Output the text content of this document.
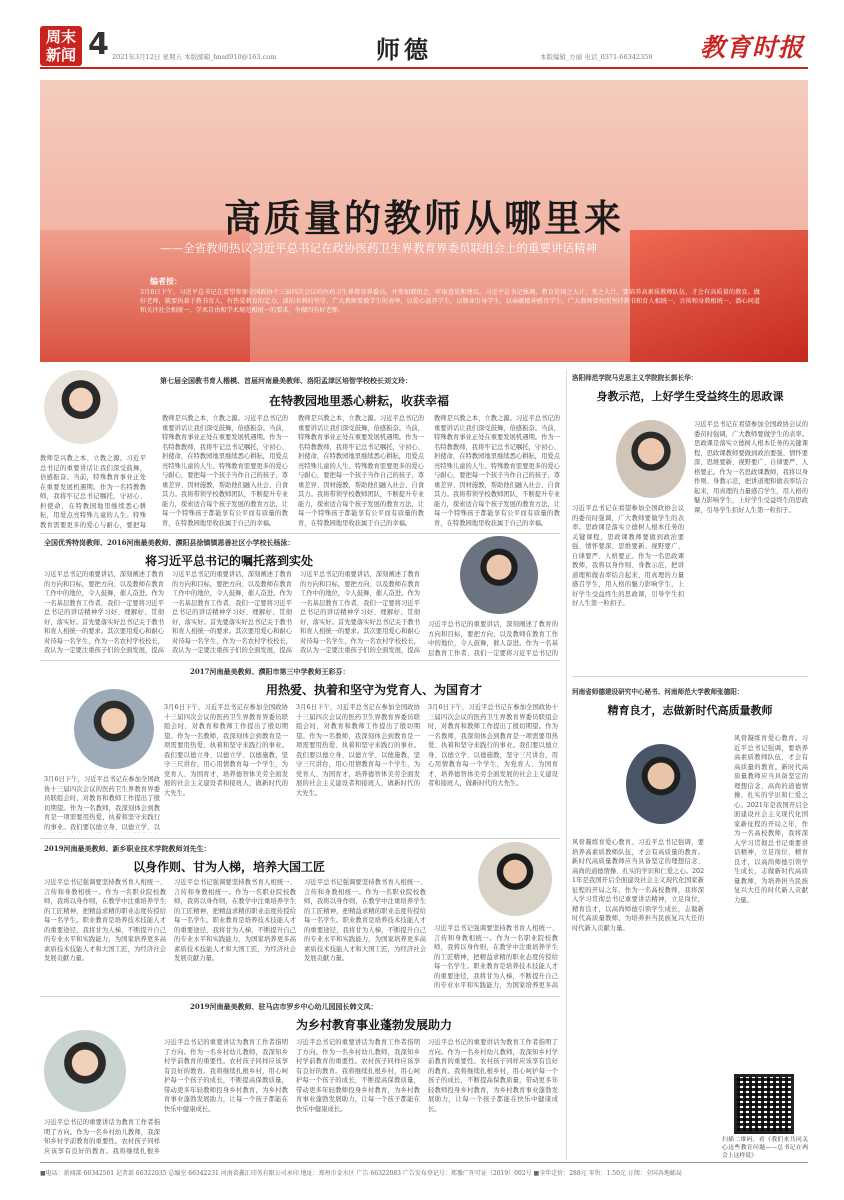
周末新闻 4 2021年3月12日 星期五 本版邮箱_hnsd910@163.com	师德	本版编辑_方丽 电话_0371-66342359 教育时报
高质量的教师从哪里来
——全省教师热议习近平总书记在政协医药卫生界教育界委员联组会上的重要讲话精神
编者按：
3月6日下午，习近平总书记在看望参加全国政协十三届四次会议的医药卫生界教育界委员，并参加联组会，听取意见和建议。习近平总书记强调，教育是国之大计、党之大计。要培养高素质教师队伍，才会有高质量的教育。做好老师，就要执着于教书育人，有热爱教育的定力、淡泊名利的坚守。广大教师要做学生的表率，以爱心滋养学生，以敬业引导学生，以奉献精神感召学生。广大教师要按照坚持教书和育人相统一、言传和身教相统一、潜心问道和关注社会相统一、学术自由和学术规范相统一的要求，争做四有好老师。
第七届全国教书育人楷模、首届河南最美教师、洛阳孟津区培智学校校长刘文玲：
在特教园地里悉心耕耘，收获幸福
教师是兴教之本、立教之源。习近平总书记的重要讲话让我们深受鼓舞，倍感振奋。当前，特殊教育事业正处在重要发展机遇期。作为一名特教教师，我将牢记总书记嘱托，守初心、担使命，在特教园地里继续悉心耕耘，用爱点亮特殊儿童的人生。特殊教育需要更多的爱心与耐心，要把每
教师是兴教之本、立教之源。习近平总书记的重要讲话让我们深受鼓舞，倍感振奋。当前，特殊教育事业正处在重要发展机遇期。作为一名特教教师，我将牢记总书记嘱托，守初心、担使命，在特教园地里继续悉心耕耘，用爱点亮特殊儿童的人生。特殊教育需要更多的爱心与耐心，要把每一个孩子当作自己的孩子，尊重差异、因材施教，帮助他们融入社会、自食其力。我将带领学校教师团队，不断提升专业能力，探索适合每个孩子发展的教育方法，让每一个特殊孩子都能享有公平而有质量的教育，在特教园地里收获属于自己的幸福。
教师是兴教之本、立教之源。习近平总书记的重要讲话让我们深受鼓舞，倍感振奋。当前，特殊教育事业正处在重要发展机遇期。作为一名特教教师，我将牢记总书记嘱托，守初心、担使命，在特教园地里继续悉心耕耘，用爱点亮特殊儿童的人生。特殊教育需要更多的爱心与耐心，要把每一个孩子当作自己的孩子，尊重差异、因材施教，帮助他们融入社会、自食其力。我将带领学校教师团队，不断提升专业能力，探索适合每个孩子发展的教育方法，让每一个特殊孩子都能享有公平而有质量的教育，在特教园地里收获属于自己的幸福。
教师是兴教之本、立教之源。习近平总书记的重要讲话让我们深受鼓舞，倍感振奋。当前，特殊教育事业正处在重要发展机遇期。作为一名特教教师，我将牢记总书记嘱托，守初心、担使命，在特教园地里继续悉心耕耘，用爱点亮特殊儿童的人生。特殊教育需要更多的爱心与耐心，要把每一个孩子当作自己的孩子，尊重差异、因材施教，帮助他们融入社会、自食其力。我将带领学校教师团队，不断提升专业能力，探索适合每个孩子发展的教育方法，让每一个特殊孩子都能享有公平而有质量的教育，在特教园地里收获属于自己的幸福。
全国优秀特岗教师、2016河南最美教师、濮阳县徐镇镇恩善社区小学校长杨泳：
将习近平总书记的嘱托落到实处
习近平总书记的重要讲话，深刻阐述了教育的方向和目标，要把方向、以及教师在教育工作中的地位，令人鼓舞，催人奋进。作为一名基层教育工作者，我们一定要将习近平总书记的讲话精神学习好、理解好、贯彻好，落实好。首先要落实好总书记关于教书和育人相统一的要求。其次要用爱心和耐心对待每一名学生，作为一名农村学校校长，我认为一定要注重孩子们的全面发展，提高
习近平总书记的重要讲话，深刻阐述了教育的方向和目标，要把方向、以及教师在教育工作中的地位，令人鼓舞，催人奋进。作为一名基层教育工作者，我们一定要将习近平总书记的讲话精神学习好、理解好、贯彻好，落实好。首先要落实好总书记关于教书和育人相统一的要求。其次要用爱心和耐心对待每一名学生，作为一名农村学校校长，我认为一定要注重孩子们的全面发展，提高
习近平总书记的重要讲话，深刻阐述了教育的方向和目标，要把方向、以及教师在教育工作中的地位，令人鼓舞，催人奋进。作为一名基层教育工作者，我们一定要将习近平总书记的讲话精神学习好、理解好、贯彻好，落实好。首先要落实好总书记关于教书和育人相统一的要求。其次要用爱心和耐心对待每一名学生，作为一名农村学校校长，我认为一定要注重孩子们的全面发展，提高
习近平总书记的重要讲话，深刻阐述了教育的方向和目标，要把方向、以及教师在教育工作中的地位，令人鼓舞，催人奋进。作为一名基层教育工作者，我们一定要将习近平总书记的
2017河南最美教师、濮阳市第三中学教师王彩芬：
用热爱、执着和坚守为党育人、为国育才
3月6日下午，习近平总书记在参加全国政协十三届四次会议的医药卫生界教育界委员联组会时，对教育和教师工作提出了殷切期望。作为一名教师，我深刻体会到教育是一项需要用热爱、执着和坚守来践行的事业。我们要以德立身、以德立学、以
3月6日下午，习近平总书记在参加全国政协十三届四次会议的医药卫生界教育界委员联组会时，对教育和教师工作提出了殷切期望。作为一名教师，我深刻体会到教育是一项需要用热爱、执着和坚守来践行的事业。我们要以德立身、以德立学、以德施教，坚守三尺讲台，用心用情教育每一个学生，为党育人、为国育才，培养德智体美劳全面发展的社会主义建设者和接班人，做新时代的大先生。
3月6日下午，习近平总书记在参加全国政协十三届四次会议的医药卫生界教育界委员联组会时，对教育和教师工作提出了殷切期望。作为一名教师，我深刻体会到教育是一项需要用热爱、执着和坚守来践行的事业。我们要以德立身、以德立学、以德施教，坚守三尺讲台，用心用情教育每一个学生，为党育人、为国育才，培养德智体美劳全面发展的社会主义建设者和接班人，做新时代的大先生。
3月6日下午，习近平总书记在参加全国政协十三届四次会议的医药卫生界教育界委员联组会时，对教育和教师工作提出了殷切期望。作为一名教师，我深刻体会到教育是一项需要用热爱、执着和坚守来践行的事业。我们要以德立身、以德立学、以德施教，坚守三尺讲台，用心用情教育每一个学生，为党育人、为国育才，培养德智体美劳全面发展的社会主义建设者和接班人，做新时代的大先生。
2019河南最美教师、新乡职业技术学院教师刘先生：
以身作则、甘为人梯，培养大国工匠
习近平总书记强调要坚持教书育人相统一、言传和身教相统一。作为一名职业院校教师，我将以身作则，在教学中注重培养学生的工匠精神，把精益求精的职业态度传授给每一名学生。职业教育是培养技术技能人才的重要途径，我将甘为人梯，不断提升自己的专业水平和实践能力，为国家培养更多高素质技术技能人才和大国工匠，为经济社会发展贡献力量。
习近平总书记强调要坚持教书育人相统一、言传和身教相统一。作为一名职业院校教师，我将以身作则，在教学中注重培养学生的工匠精神，把精益求精的职业态度传授给每一名学生。职业教育是培养技术技能人才的重要途径，我将甘为人梯，不断提升自己的专业水平和实践能力，为国家培养更多高素质技术技能人才和大国工匠，为经济社会发展贡献力量。
习近平总书记强调要坚持教书育人相统一、言传和身教相统一。作为一名职业院校教师，我将以身作则，在教学中注重培养学生的工匠精神，把精益求精的职业态度传授给每一名学生。职业教育是培养技术技能人才的重要途径，我将甘为人梯，不断提升自己的专业水平和实践能力，为国家培养更多高素质技术技能人才和大国工匠，为经济社会发展贡献力量。
习近平总书记强调要坚持教书育人相统一、言传和身教相统一。作为一名职业院校教师，我将以身作则，在教学中注重培养学生的工匠精神，把精益求精的职业态度传授给每一名学生。职业教育是培养技术技能人才的重要途径，我将甘为人梯，不断提升自己的专业水平和实践能力，为国家培养更多高
2019河南最美教师、驻马店市罗乡中心幼儿园园长韩文凤：
为乡村教育事业蓬勃发展助力
习近平总书记的重要讲话为教育工作者指明了方向。作为一名乡村幼儿教师，我深知乡村学前教育的重要性。农村孩子同样应该享有良好的教育。我将继续扎根乡
习近平总书记的重要讲话为教育工作者指明了方向。作为一名乡村幼儿教师，我深知乡村学前教育的重要性。农村孩子同样应该享有良好的教育。我将继续扎根乡村，用心呵护每一个孩子的成长，不断提高保教质量，带动更多年轻教师投身乡村教育，为乡村教育事业蓬勃发展助力，让每一个孩子都能在快乐中健康成长。
习近平总书记的重要讲话为教育工作者指明了方向。作为一名乡村幼儿教师，我深知乡村学前教育的重要性。农村孩子同样应该享有良好的教育。我将继续扎根乡村，用心呵护每一个孩子的成长，不断提高保教质量，带动更多年轻教师投身乡村教育，为乡村教育事业蓬勃发展助力，让每一个孩子都能在快乐中健康成长。
习近平总书记的重要讲话为教育工作者指明了方向。作为一名乡村幼儿教师，我深知乡村学前教育的重要性。农村孩子同样应该享有良好的教育。我将继续扎根乡村，用心呵护每一个孩子的成长，不断提高保教质量，带动更多年轻教师投身乡村教育，为乡村教育事业蓬勃发展助力，让每一个孩子都能在快乐中健康成长。
洛阳师范学院马克思主义学院院长郭长华：
身教示范，上好学生受益终生的思政课
习近平总书记在看望参加全国政协会议的委员时强调，广大教师要做学生的表率。思政课是落实立德树人根本任务的关键课程，思政课教师要做到政治要强、情怀要深、思维要新、视野要广、自律要严、人格要正。作为一名思政课教师，我将以身作则、身教示范，把讲道理和做表率结合起来，用真理的力量感召学生，用人格的魅力影响学生，上好学生受益终生的思政课，引导学生扣好人生第一粒扣子。
习近平总书记在看望参加全国政协会议的委员时强调，广大教师要做学生的表率。思政课是落实立德树人根本任务的关键课程，思政课教师要做到政治要强、情怀要深、思维要新、视野要广、自律要严、人格要正。作为一名思政课教师，我将以身作则、身教示范，把讲道理和做表率结合起来，用真理的力量感召学生，用人格的魅力影响学生，上好学生受益终生的思政课，引导学生扣好人生第一粒扣子。
河南省师德建设研究中心秘书、河南师范大学教师张德阳：
精育良才，志做新时代高质量教师
风骨凝练育爱心教育。习近平总书记强调，要培养高素质教师队伍，才会有高质量的教育。新时代高质量教师应当具备坚定的理想信念、高尚的道德情操、扎实的学识和仁爱之心。2021年是我国开启全面建设社会主义现代化国家新征程的开局之年，作为一名高校教师，我将深入学习贯彻总书记重要讲话精神，立足岗位，精育良才，以高尚师德引领学生成长，志做新时代高质量教师，为培养担当民族复兴大任的时代新人贡献力量。
风骨凝练育爱心教育。习近平总书记强调，要培养高素质教师队伍，才会有高质量的教育。新时代高质量教师应当具备坚定的理想信念、高尚的道德情操、扎实的学识和仁爱之心。2021年是我国开启全面建设社会主义现代化国家新征程的开局之年，作为一名高校教师，我将深入学习贯彻总书记重要讲话精神，立足岗位，精育良才，以高尚师德引领学生成长，志做新时代高质量教师，为培养担当民族复兴大任的时代新人贡献力量。
扫描二维码，看《我们来共同关心这些教育问题——总书记在两会上这样说》
■电话：新闻部 66342561 记者部 66322035 总编室 66342231 河南省鑫汇印务有限公司承印 地址：郑州市金水区 广告 66322083 广告发布登记号：郑豫广许可证（2019）002号 ■全年定价：288元 零售：1.50元 订阅：全国各地邮局
